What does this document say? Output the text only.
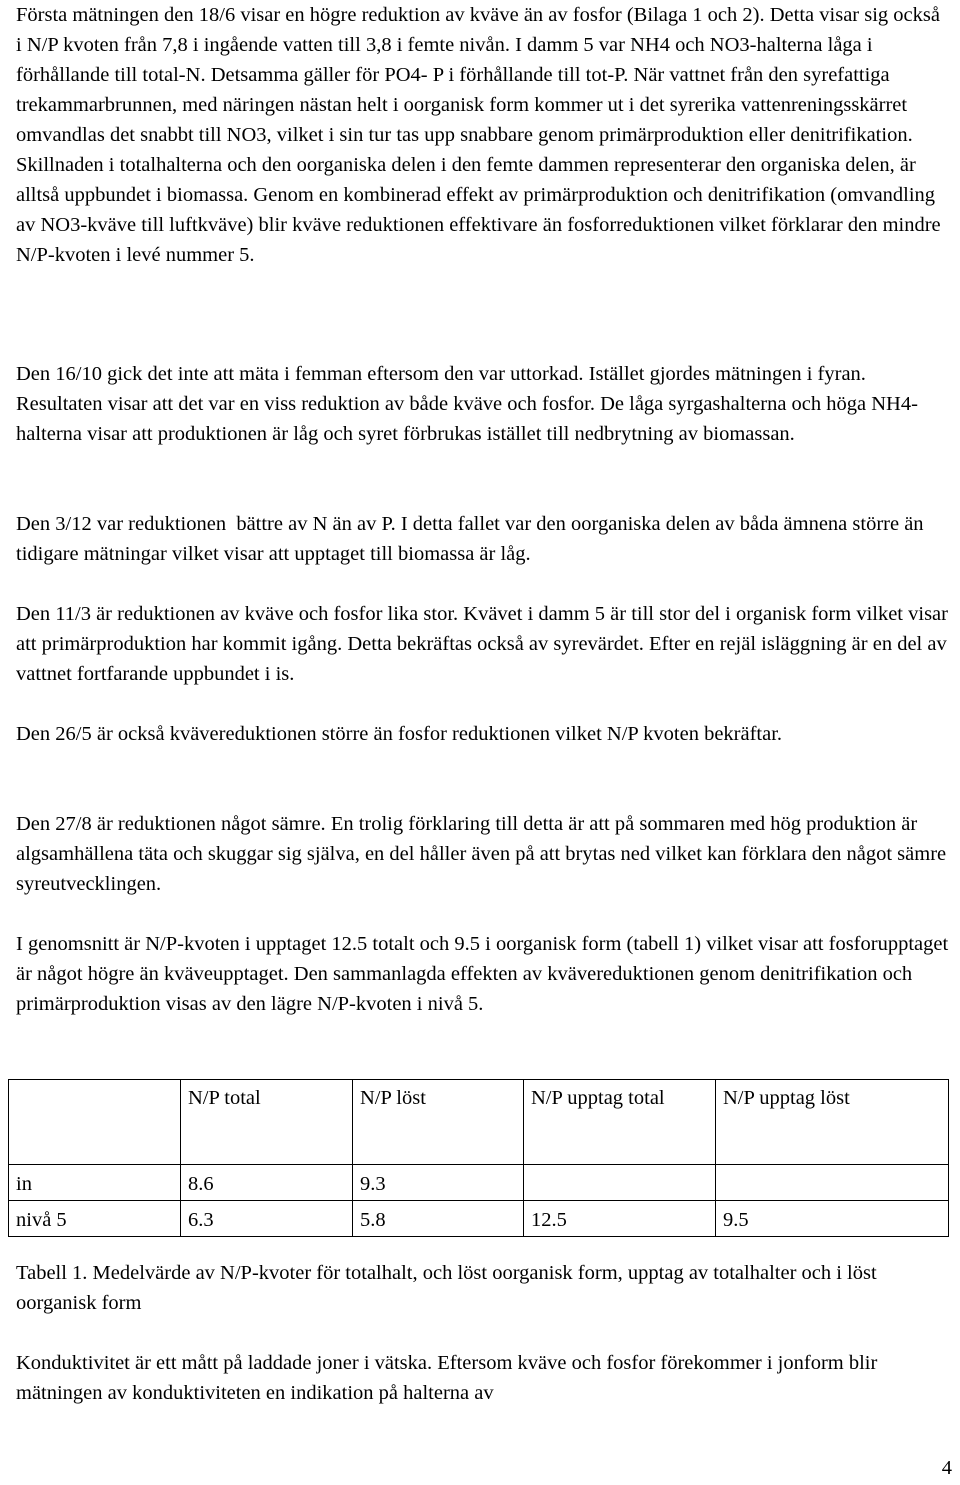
Första mätningen den 18/6 visar en högre reduktion av kväve än av fosfor (Bilaga 1 och 2). Detta visar sig också i N/P kvoten från 7,8 i ingående vatten till 3,8 i femte nivån. I damm 5 var NH4 och NO3-halterna låga i förhållande till total-N. Detsamma gäller för PO4- P i förhållande till tot-P. När vattnet från den syrefattiga trekammarbrunnen, med näringen nästan helt i oorganisk form kommer ut i det syrerika vattenreningsskärret omvandlas det snabbt till NO3, vilket i sin tur tas upp snabbare genom primärproduktion eller denitrifikation. Skillnaden i totalhalterna och den oorganiska delen i den femte dammen representerar den organiska delen, är alltså uppbundet i biomassa. Genom en kombinerad effekt av primärproduktion och denitrifikation (omvandling av NO3-kväve till luftkväve) blir kväve reduktionen effektivare än fosforreduktionen vilket förklarar den mindre N/P-kvoten i levé nummer 5.

Den 16/10 gick det inte att mäta i femman eftersom den var uttorkad. Istället gjordes mätningen i fyran. Resultaten visar att det var en viss reduktion av både kväve och fosfor. De låga syrgashalterna och höga NH4-halterna visar att produktionen är låg och syret förbrukas istället till nedbrytning av biomassan.

Den 3/12 var reduktionen  bättre av N än av P. I detta fallet var den oorganiska delen av båda ämnena större än tidigare mätningar vilket visar att upptaget till biomassa är låg.

Den 11/3 är reduktionen av kväve och fosfor lika stor. Kvävet i damm 5 är till stor del i organisk form vilket visar att primärproduktion har kommit igång. Detta bekräftas också av syrevärdet. Efter en rejäl isläggning är en del av vattnet fortfarande uppbundet i is.

Den 26/5 är också kvävereduktionen större än fosfor reduktionen vilket N/P kvoten bekräftar.

Den 27/8 är reduktionen något sämre. En trolig förklaring till detta är att på sommaren med hög produktion är algsamhällena täta och skuggar sig själva, en del håller även på att brytas ned vilket kan förklara den något sämre syreutvecklingen.

I genomsnitt är N/P-kvoten i upptaget 12.5 totalt och 9.5 i oorganisk form (tabell 1) vilket visar att fosforupptaget är något högre än kväveupptaget. Den sammanlagda effekten av kvävereduktionen genom denitrifikation och primärproduktion visas av den lägre N/P-kvoten i nivå 5.

	N/P total	N/P löst	N/P upptag total	N/P upptag löst
in	8.6	9.3		
nivå 5	6.3	5.8	12.5	9.5

Tabell 1. Medelvärde av N/P-kvoter för totalhalt, och löst oorganisk form, upptag av totalhalter och i löst oorganisk form

Konduktivitet är ett mått på laddade joner i vätska. Eftersom kväve och fosfor förekommer i jonform blir mätningen av konduktiviteten en indikation på halterna av

4
